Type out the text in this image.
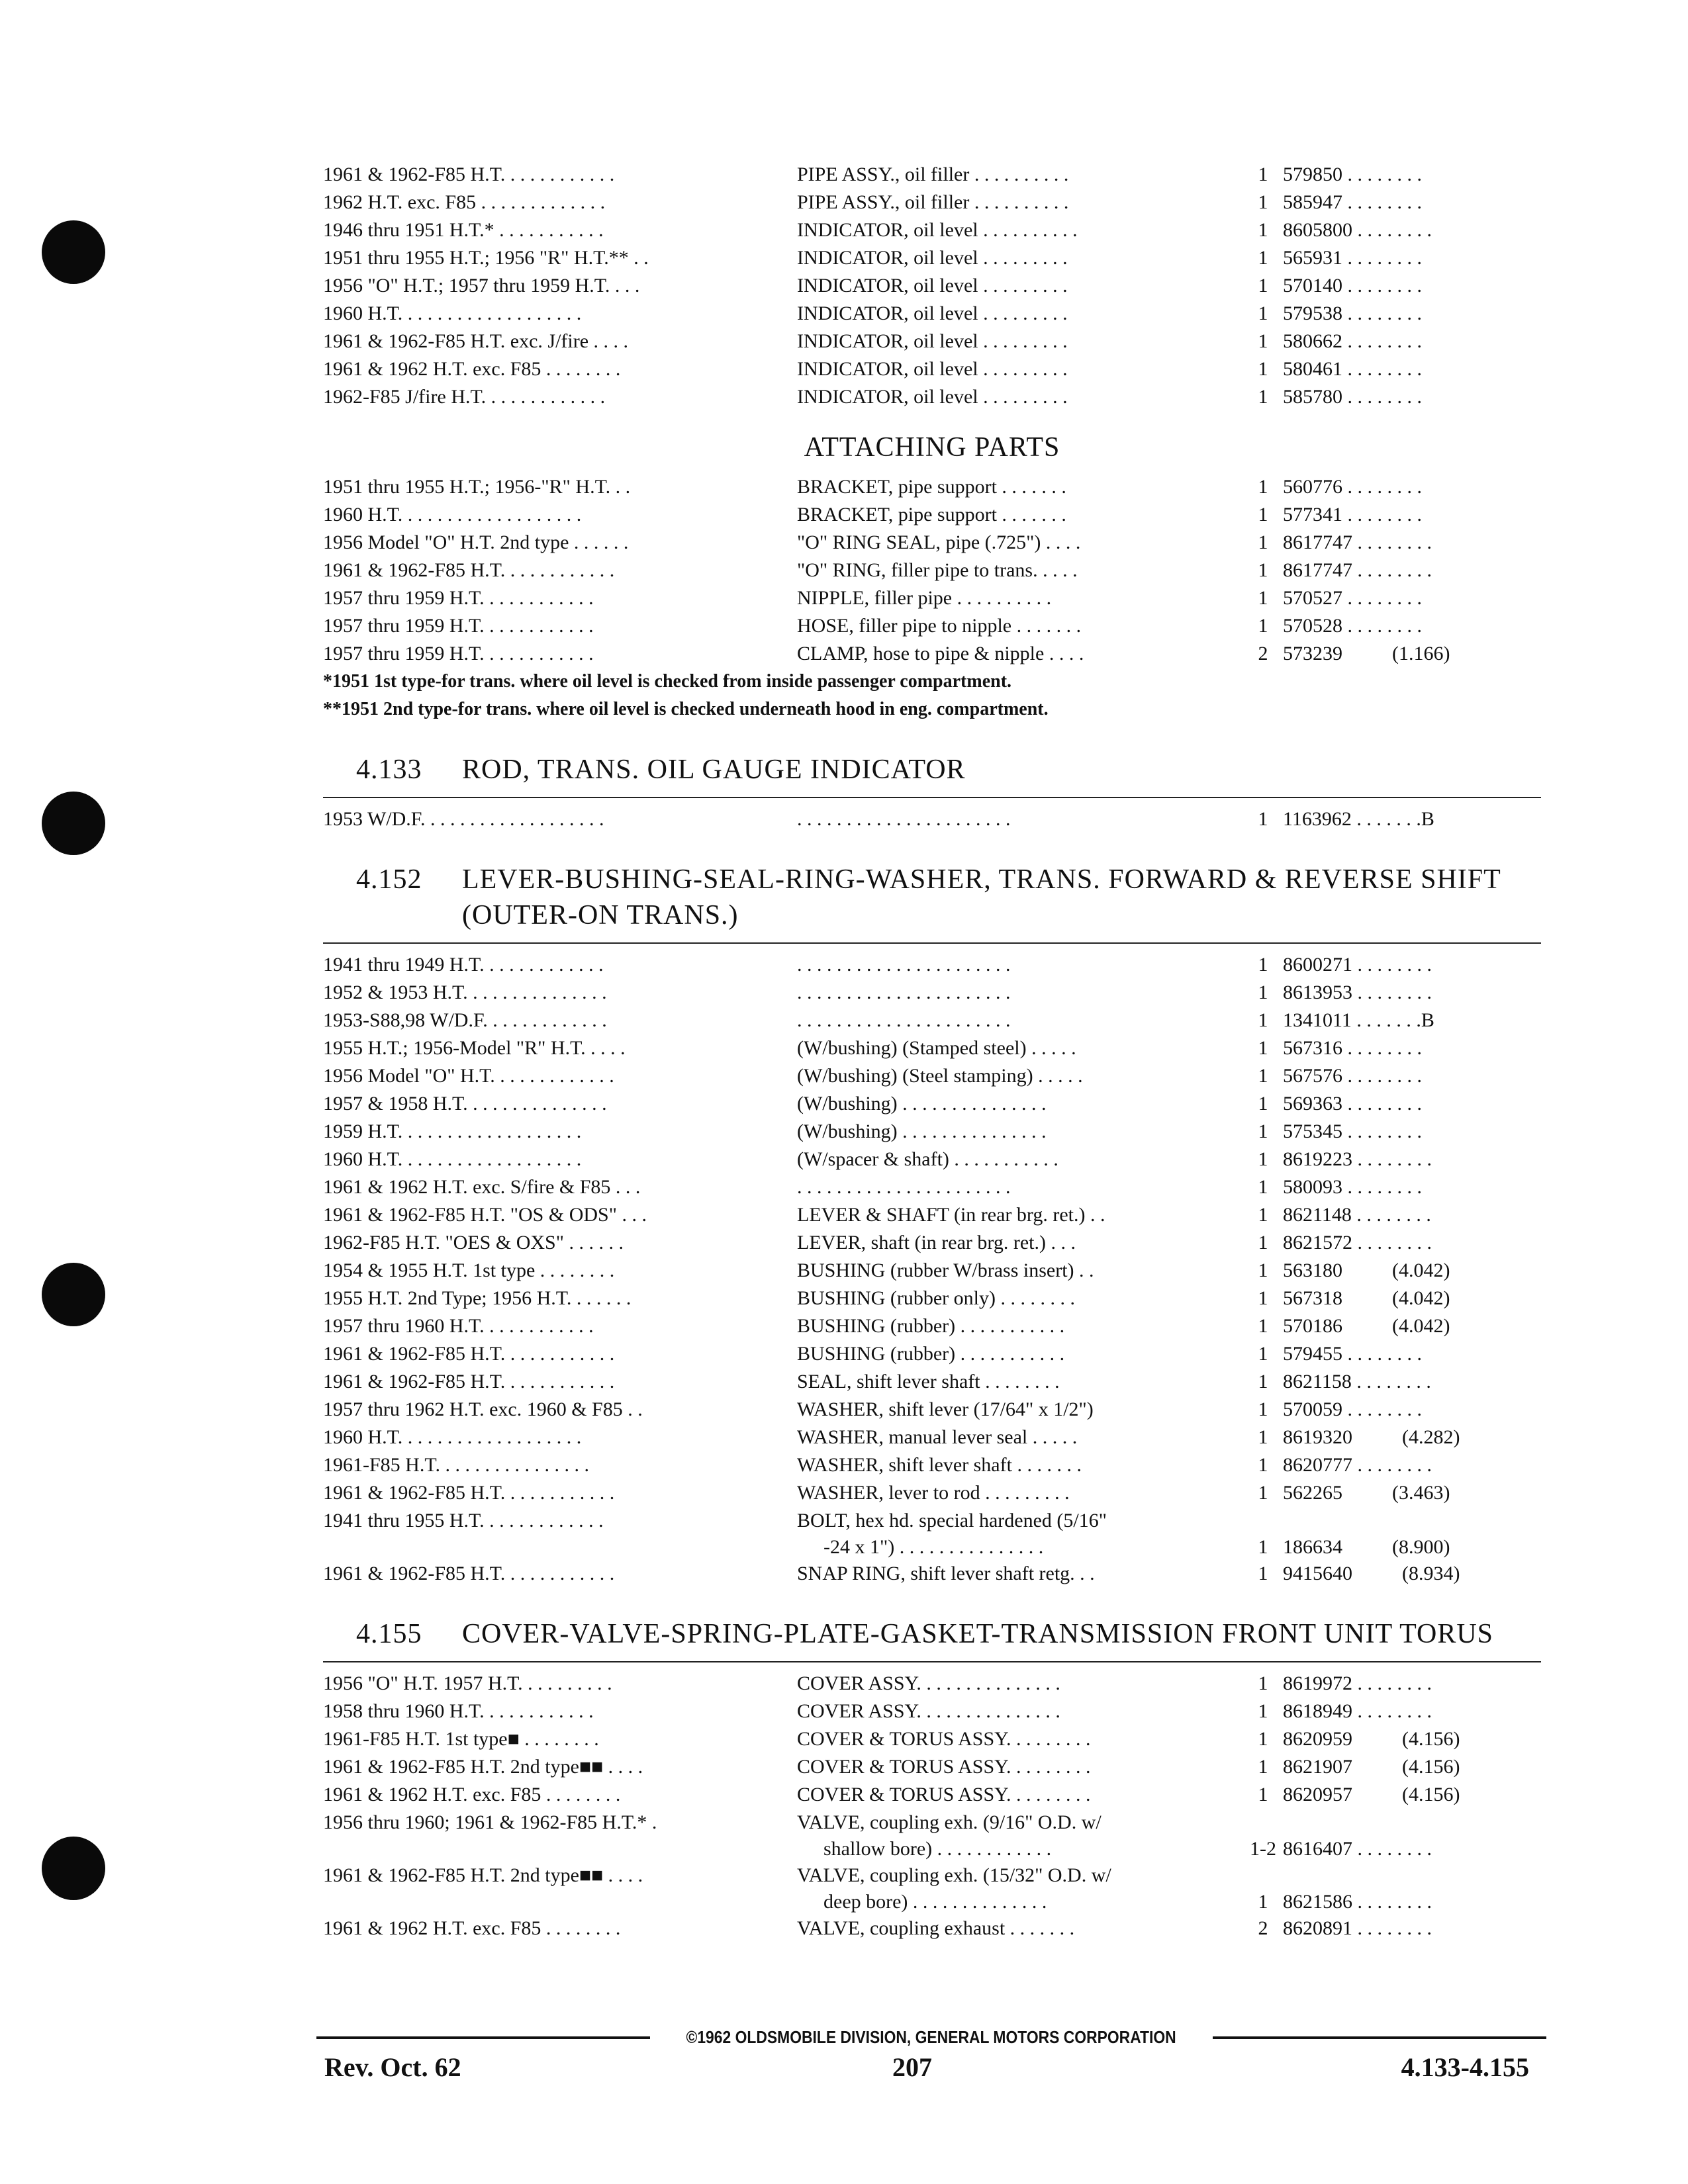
1961 & 1962-F85 H.T. . . . . . . . . . . .	PIPE ASSY., oil filler . . . . . . . . . .	1 579850 . . . . . . . .
1962 H.T. exc. F85 . . . . . . . . . . . . .	PIPE ASSY., oil filler . . . . . . . . . .	1 585947 . . . . . . . .
1946 thru 1951 H.T.* . . . . . . . . . . .	INDICATOR, oil level . . . . . . . . . .	1 8605800 . . . . . . . .
1951 thru 1955 H.T.; 1956 "R" H.T.** . .	INDICATOR, oil level . . . . . . . . .	1 565931 . . . . . . . .
1956 "O" H.T.; 1957 thru 1959 H.T. . . .	INDICATOR, oil level . . . . . . . . .	1 570140 . . . . . . . .
1960 H.T. . . . . . . . . . . . . . . . . . .	INDICATOR, oil level . . . . . . . . .	1 579538 . . . . . . . .
1961 & 1962-F85 H.T. exc. J/fire . . . .	INDICATOR, oil level . . . . . . . . .	1 580662 . . . . . . . .
1961 & 1962 H.T. exc. F85 . . . . . . . .	INDICATOR, oil level . . . . . . . . .	1 580461 . . . . . . . .
1962-F85 J/fire H.T. . . . . . . . . . . . .	INDICATOR, oil level . . . . . . . . .	1 585780 . . . . . . . .
ATTACHING PARTS
1951 thru 1955 H.T.; 1956-"R" H.T. . .	BRACKET, pipe support . . . . . . .	1 560776 . . . . . . . .
1960 H.T. . . . . . . . . . . . . . . . . . .	BRACKET, pipe support . . . . . . .	1 577341 . . . . . . . .
1956 Model "O" H.T. 2nd type . . . . . .	"O" RING SEAL, pipe (.725") . . . .	1 8617747 . . . . . . . .
1961 & 1962-F85 H.T. . . . . . . . . . . .	"O" RING, filler pipe to trans. . . . .	1 8617747 . . . . . . . .
1957 thru 1959 H.T. . . . . . . . . . . .	NIPPLE, filler pipe . . . . . . . . . .	1 570527 . . . . . . . .
1957 thru 1959 H.T. . . . . . . . . . . .	HOSE, filler pipe to nipple . . . . . . .	1 570528 . . . . . . . .
1957 thru 1959 H.T. . . . . . . . . . . .	CLAMP, hose to pipe & nipple . . . .	2 573239          (1.166)
*1951 1st type-for trans. where oil level is checked from inside passenger compartment.
**1951 2nd type-for trans. where oil level is checked underneath hood in eng. compartment.
4.133	ROD, TRANS. OIL GAUGE INDICATOR
1953 W/D.F. . . . . . . . . . . . . . . . . . .	. . . . . . . . . . . . . . . . . . . . . .	1 1163962 . . . . . . .B
4.152	LEVER-BUSHING-SEAL-RING-WASHER, TRANS. FORWARD & REVERSE SHIFT (OUTER-ON TRANS.)
1941 thru 1949 H.T. . . . . . . . . . . . .	. . . . . . . . . . . . . . . . . . . . . .	1 8600271 . . . . . . . .
1952 & 1953 H.T. . . . . . . . . . . . . . .	. . . . . . . . . . . . . . . . . . . . . .	1 8613953 . . . . . . . .
1953-S88,98 W/D.F. . . . . . . . . . . . .	. . . . . . . . . . . . . . . . . . . . . .	1 1341011 . . . . . . .B
1955 H.T.; 1956-Model "R" H.T. . . . .	(W/bushing) (Stamped steel) . . . . .	1 567316 . . . . . . . .
1956 Model "O" H.T. . . . . . . . . . . . .	(W/bushing) (Steel stamping) . . . . .	1 567576 . . . . . . . .
1957 & 1958 H.T. . . . . . . . . . . . . . .	(W/bushing) . . . . . . . . . . . . . . .	1 569363 . . . . . . . .
1959 H.T. . . . . . . . . . . . . . . . . . .	(W/bushing) . . . . . . . . . . . . . . .	1 575345 . . . . . . . .
1960 H.T. . . . . . . . . . . . . . . . . . .	(W/spacer & shaft) . . . . . . . . . . .	1 8619223 . . . . . . . .
1961 & 1962 H.T. exc. S/fire & F85 . . .	. . . . . . . . . . . . . . . . . . . . . .	1 580093 . . . . . . . .
1961 & 1962-F85 H.T. "OS & ODS" . . .	LEVER & SHAFT (in rear brg. ret.) . .	1 8621148 . . . . . . . .
1962-F85 H.T. "OES & OXS" . . . . . .	LEVER, shaft (in rear brg. ret.) . . .	1 8621572 . . . . . . . .
1954 & 1955 H.T. 1st type . . . . . . . .	BUSHING (rubber W/brass insert) . .	1 563180          (4.042)
1955 H.T. 2nd Type; 1956 H.T. . . . . . .	BUSHING (rubber only) . . . . . . . .	1 567318          (4.042)
1957 thru 1960 H.T. . . . . . . . . . . .	BUSHING (rubber) . . . . . . . . . . .	1 570186          (4.042)
1961 & 1962-F85 H.T. . . . . . . . . . . .	BUSHING (rubber) . . . . . . . . . . .	1 579455 . . . . . . . .
1961 & 1962-F85 H.T. . . . . . . . . . . .	SEAL, shift lever shaft . . . . . . . .	1 8621158 . . . . . . . .
1957 thru 1962 H.T. exc. 1960 & F85 . .	WASHER, shift lever (17/64" x 1/2")	1 570059 . . . . . . . .
1960 H.T. . . . . . . . . . . . . . . . . . .	WASHER, manual lever seal . . . . .	1 8619320          (4.282)
1961-F85 H.T. . . . . . . . . . . . . . . .	WASHER, shift lever shaft . . . . . . .	1 8620777 . . . . . . . .
1961 & 1962-F85 H.T. . . . . . . . . . . .	WASHER, lever to rod . . . . . . . . .	1 562265          (3.463)
1941 thru 1955 H.T. . . . . . . . . . . . .	BOLT, hex hd. special hardened (5/16"
-24 x 1") . . . . . . . . . . . . . . .	1 186634          (8.900)
1961 & 1962-F85 H.T. . . . . . . . . . . .	SNAP RING, shift lever shaft retg. . .	1 9415640          (8.934)
4.155	COVER-VALVE-SPRING-PLATE-GASKET-TRANSMISSION FRONT UNIT TORUS
1956 "O" H.T. 1957 H.T. . . . . . . . . .	COVER ASSY. . . . . . . . . . . . . . .	1 8619972 . . . . . . . .
1958 thru 1960 H.T. . . . . . . . . . . .	COVER ASSY. . . . . . . . . . . . . . .	1 8618949 . . . . . . . .
1961-F85 H.T. 1st type■ . . . . . . . .	COVER & TORUS ASSY. . . . . . . . .	1 8620959          (4.156)
1961 & 1962-F85 H.T. 2nd type■■ . . . .	COVER & TORUS ASSY. . . . . . . . .	1 8621907          (4.156)
1961 & 1962 H.T. exc. F85 . . . . . . . .	COVER & TORUS ASSY. . . . . . . . .	1 8620957          (4.156)
1956 thru 1960; 1961 & 1962-F85 H.T.* .	VALVE, coupling exh. (9/16" O.D. w/
shallow bore) . . . . . . . . . . . .	1-2 8616407 . . . . . . . .
1961 & 1962-F85 H.T. 2nd type■■ . . . .	VALVE, coupling exh. (15/32" O.D. w/
deep bore) . . . . . . . . . . . . . .	1 8621586 . . . . . . . .
1961 & 1962 H.T. exc. F85 . . . . . . . .	VALVE, coupling exhaust . . . . . . .	2 8620891 . . . . . . . .
©1962 OLDSMOBILE DIVISION, GENERAL MOTORS CORPORATION
Rev. Oct. 62	207	4.133-4.155
